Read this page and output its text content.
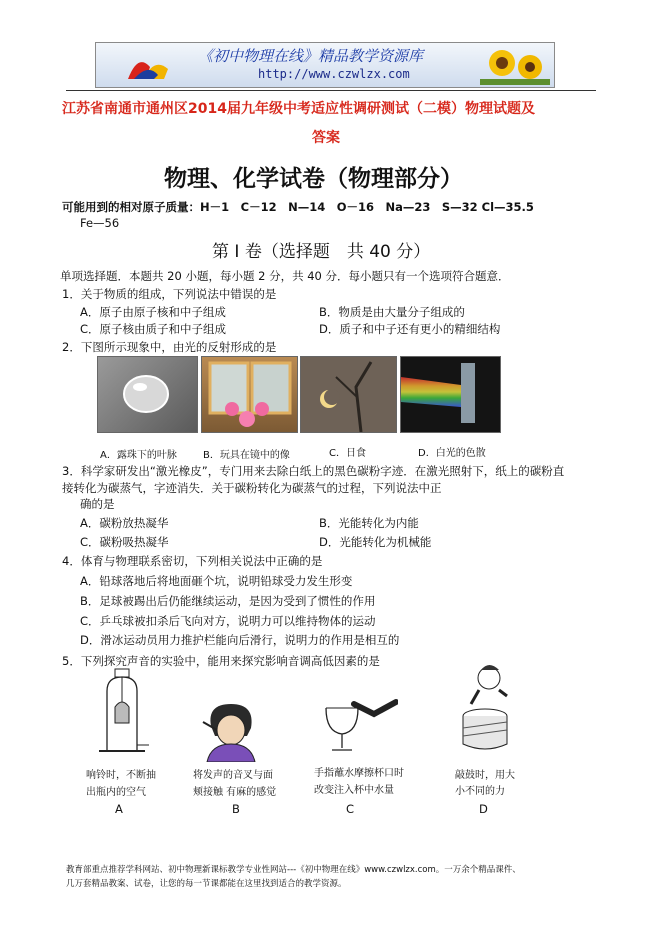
《初中物理在线》精品教学资源库
http://www.czwlzx.com
江苏省南通市通州区2014届九年级中考适应性调研测试（二模）物理试题及
答案
物理、化学试卷（物理部分）
可能用到的相对原子质量：H－1　C－12　N—14　O－16　Na—23　S—32 Cl—35.5
Fe—56
第 I 卷（选择题　共 40 分）
单项选择题．本题共 20 小题，每小题 2 分，共 40 分．每小题只有一个选项符合题意．
1．关于物质的组成，下列说法中错误的是
A．原子由原子核和中子组成	B．物质是由大量分子组成的
C．原子核由质子和中子组成	D．质子和中子还有更小的精细结构
2．下图所示现象中，由光的反射形成的是
A．露珠下的叶脉	B．玩具在镜中的像	C．日食	D．白光的色散
3．科学家研发出“激光橡皮”，专门用来去除白纸上的黑色碳粉字迹．在激光照射下，纸上的碳粉直
接转化为碳蒸气，字迹消失．关于碳粉转化为碳蒸气的过程，下列说法中正
确的是
A．碳粉放热凝华	B．光能转化为内能
C．碳粉吸热凝华	D．光能转化为机械能
4．体育与物理联系密切，下列相关说法中正确的是
A．铅球落地后将地面砸个坑，说明铅球受力发生形变
B．足球被踢出后仍能继续运动，是因为受到了惯性的作用
C．乒乓球被扣杀后飞向对方，说明力可以维持物体的运动
D．滑冰运动员用力推护栏能向后滑行，说明力的作用是相互的
5．下列探究声音的实验中，能用来探究影响音调高低因素的是
响铃时，不断抽
出瓶内的空气
将发声的音叉与面
颊接触 有麻的感觉
手指蘸水摩擦杯口时
改变注入杯中水量
敲鼓时，用大
小不同的力
A	B	C	D
教育部重点推荐学科网站、初中物理新课标教学专业性网站---《初中物理在线》www.czwlzx.com。一万余个精品课件、
几万套精品教案、试卷，让您的每一节课都能在这里找到适合的教学资源。
